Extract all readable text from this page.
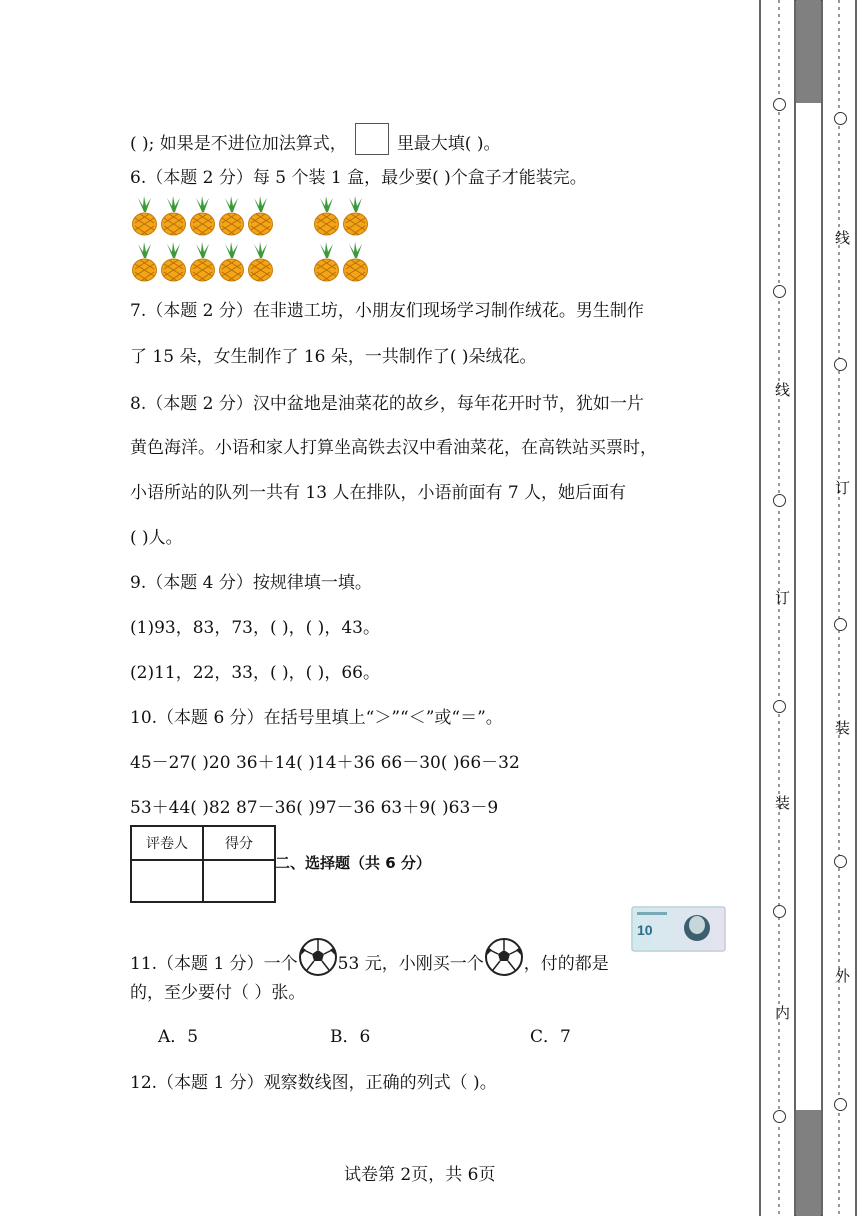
( ); 如果是不进位加法算式，	里最大填( )。
6.（本题 2 分）每 5 个装 1 盒，最少要( )个盒子才能装完。
7.（本题 2 分）在非遗工坊，小朋友们现场学习制作绒花。男生制作
了 15 朵，女生制作了 16 朵，一共制作了( )朵绒花。
8.（本题 2 分）汉中盆地是油菜花的故乡，每年花开时节，犹如一片
黄色海洋。小语和家人打算坐高铁去汉中看油菜花，在高铁站买票时，
小语所站的队列一共有 13 人在排队，小语前面有 7 人，她后面有
( )人。
9.（本题 4 分）按规律填一填。
(1)93，83，73，( )，( )，43。
(2)11，22，33，( )，( )，66。
10.（本题 6 分）在括号里填上“＞”“＜”或“＝”。
45－27( )20 36＋14( )14＋36 66－30( )66－32
53＋44( )82 87－36( )97－36 63＋9( )63－9
评卷人	得分

二、选择题（共 6 分）
11.（本题 1 分）一个 53 元，小刚买一个 ，付的都是
10
的，至少要付（ ）张。
A．5	B．6	C．7
12.（本题 1 分）观察数线图，正确的列式（ )。
试卷第 2页，共 6页
线
订
装
内
线
订
装
外
